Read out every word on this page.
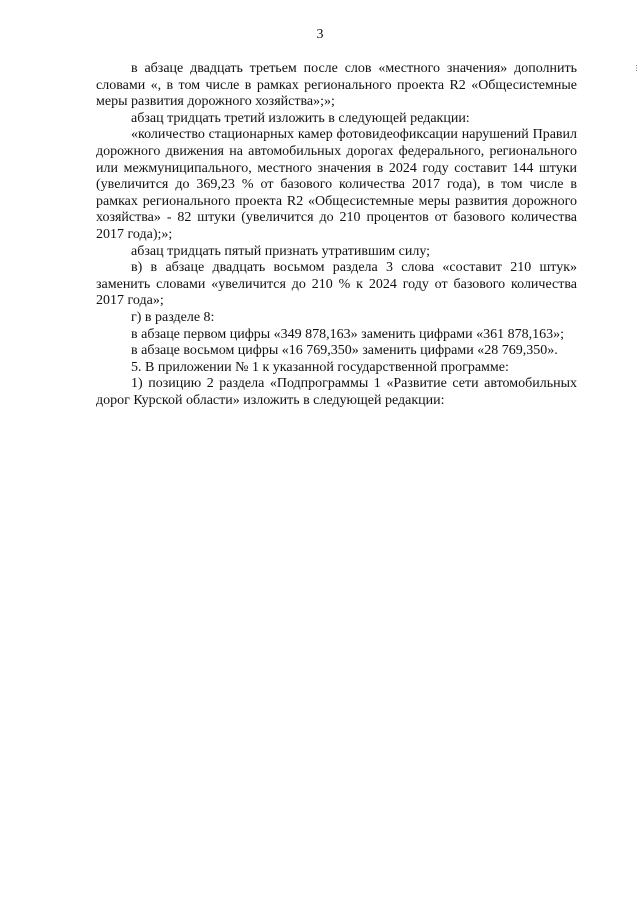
3
...

в абзаце двадцать третьем после слов «местного значения» дополнить словами «, в том числе в рамках регионального проекта R2 «Общесистемные меры развития дорожного хозяйства»;»;

абзац тридцать третий изложить в следующей редакции:

«количество стационарных камер фотовидеофиксации нарушений Правил дорожного движения на автомобильных дорогах федерального, регионального или межмуниципального, местного значения в 2024 году составит 144 штуки (увеличится до 369,23 % от базового количества 2017 года), в том числе в рамках регионального проекта R2 «Общесистемные меры развития дорожного хозяйства» - 82 штуки (увеличится до 210 процентов от базового количества 2017 года);»;

абзац тридцать пятый признать утратившим силу;

в) в абзаце двадцать восьмом раздела 3 слова «составит 210 штук» заменить словами «увеличится до 210 % к 2024 году от базового количества 2017 года»;

г) в разделе 8:

в абзаце первом цифры «349 878,163» заменить цифрами «361 878,163»;

в абзаце восьмом цифры «16 769,350» заменить цифрами «28 769,350».

5. В приложении № 1 к указанной государственной программе:

1) позицию 2 раздела «Подпрограммы 1 «Развитие сети автомобильных дорог Курской области» изложить в следующей редакции:
